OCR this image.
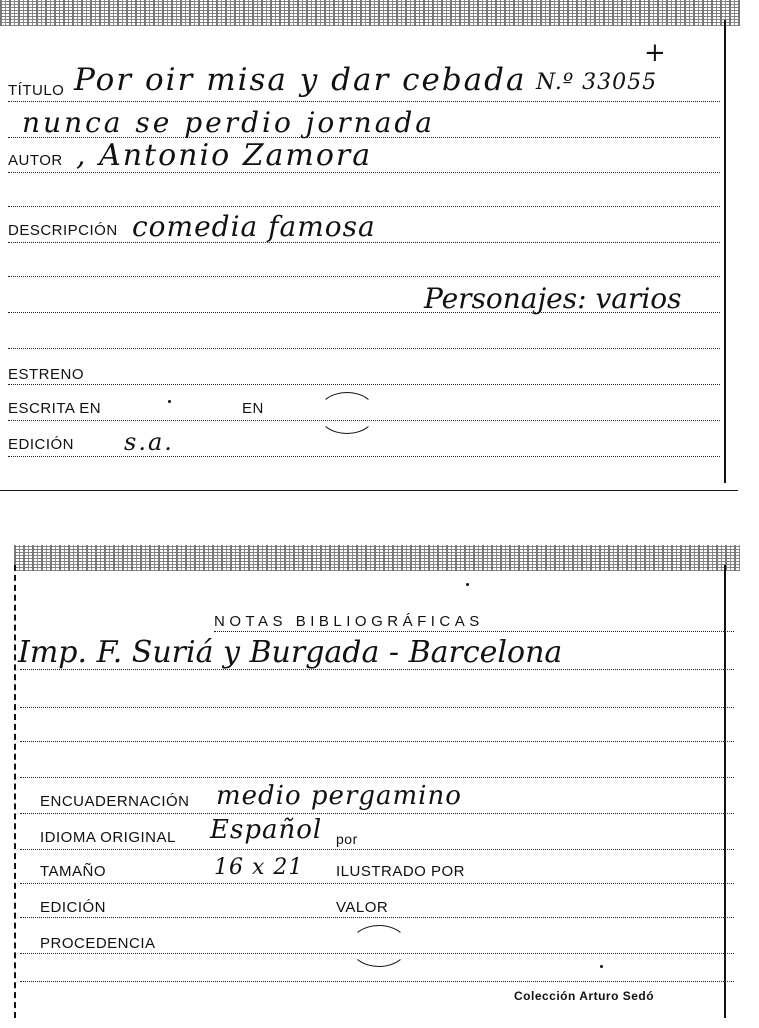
+
TÍTULO Por oir misa y dar cebada N.º 33055
nunca se perdio jornada
AUTOR , Antonio Zamora
DESCRIPCIÓN comedia famosa
Personajes: varios
ESTRENO
ESCRITA EN	EN
EDICIÓN s.a.
NOTAS BIBLIOGRÁFICAS
Imp. F. Suriá y Burgada - Barcelona
ENCUADERNACIÓN medio pergamino
IDIOMA ORIGINAL Español por
TAMAÑO	16 x 21 ILUSTRADO POR
EDICIÓN	VALOR
PROCEDENCIA
Colección Arturo Sedó
